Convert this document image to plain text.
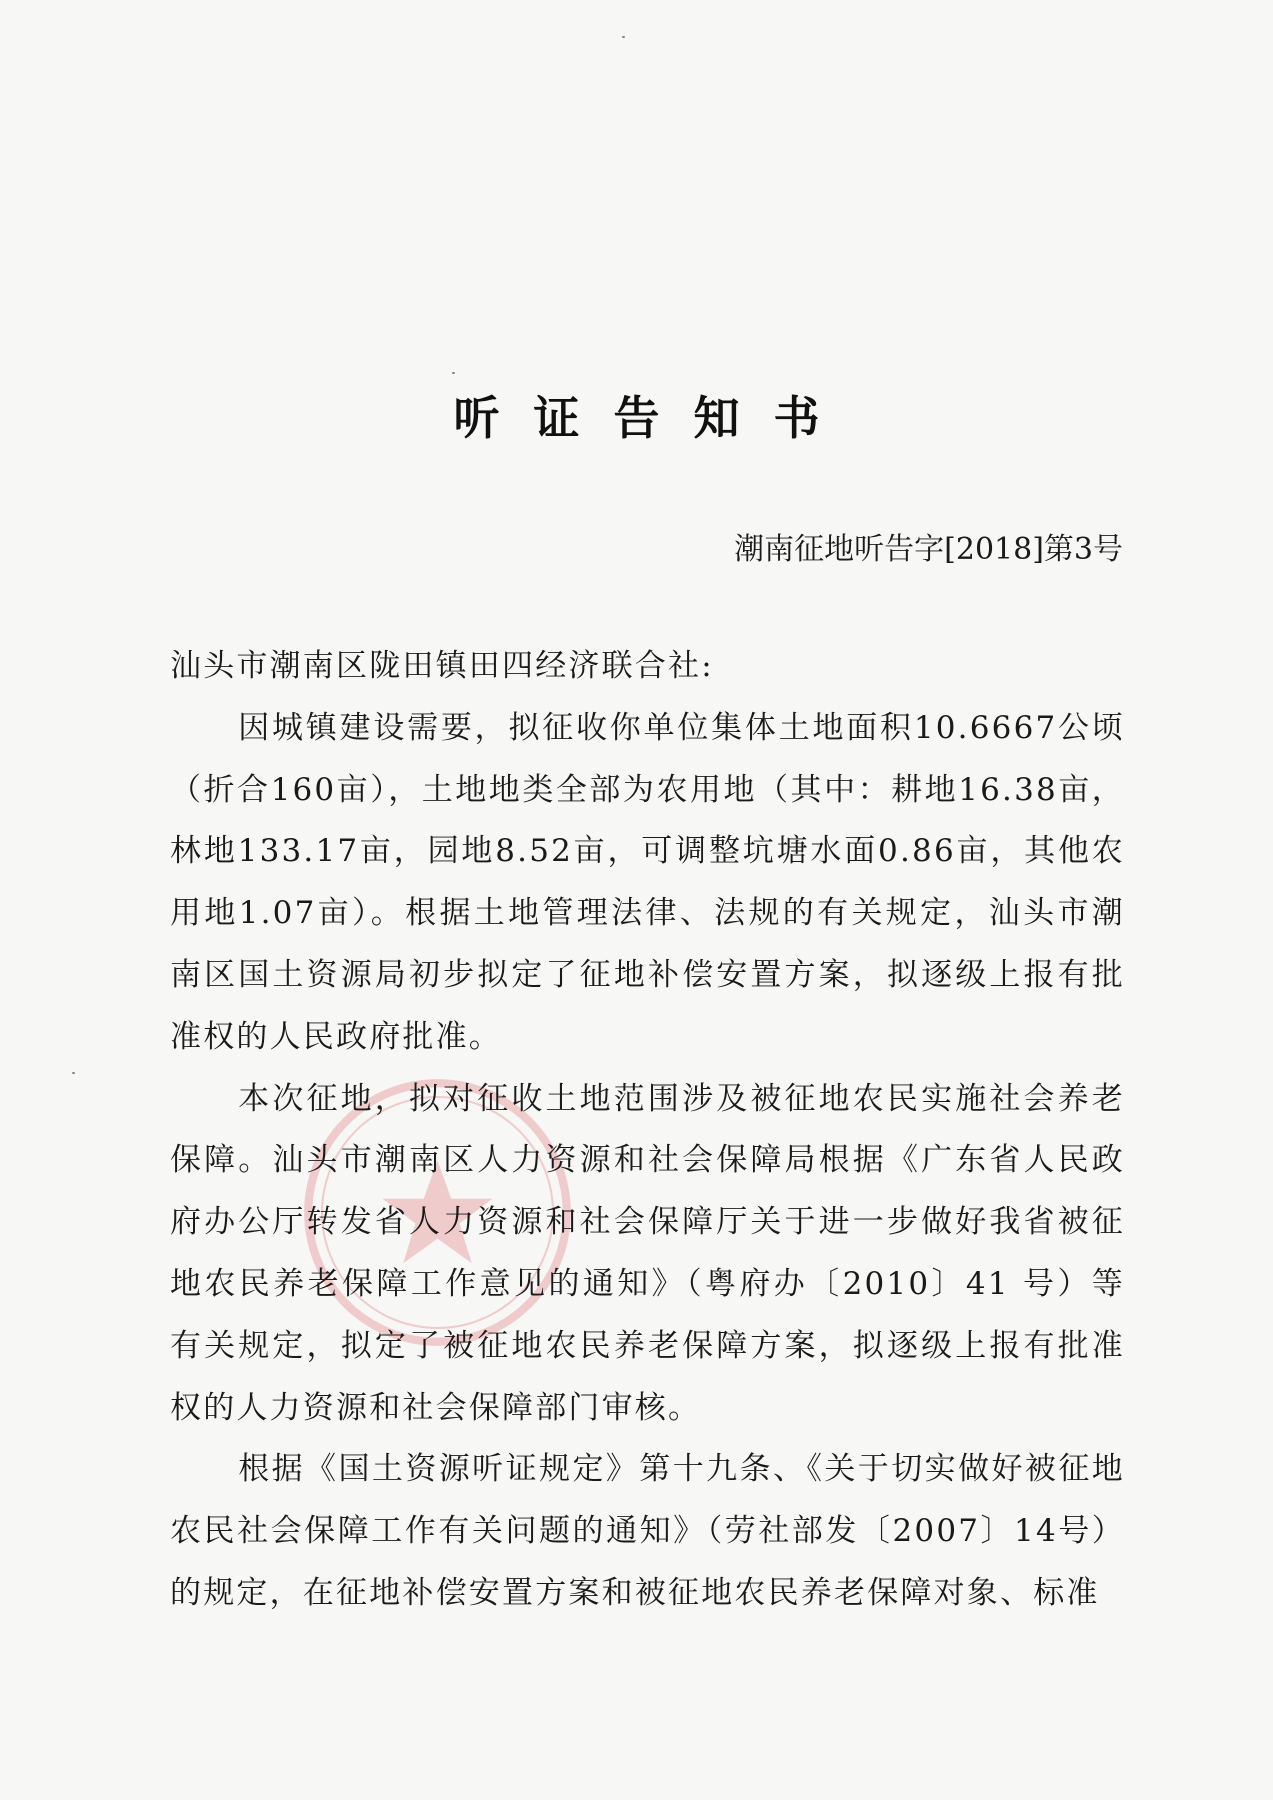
听证告知书
潮南征地听告字[2018]第3号

汕头市潮南区陇田镇田四经济联合社:

因城镇建设需要，拟征收你单位集体土地面积10.6667公顷（折合160亩），土地地类全部为农用地（其中：耕地16.38亩，林地133.17亩，园地8.52亩，可调整坑塘水面0.86亩，其他农用地1.07亩）。根据土地管理法律、法规的有关规定，汕头市潮南区国土资源局初步拟定了征地补偿安置方案，拟逐级上报有批准权的人民政府批准。

本次征地，拟对征收土地范围涉及被征地农民实施社会养老保障。汕头市潮南区人力资源和社会保障局根据《广东省人民政府办公厅转发省人力资源和社会保障厅关于进一步做好我省被征地农民养老保障工作意见的通知》（粤府办〔2010〕41 号）等有关规定，拟定了被征地农民养老保障方案，拟逐级上报有批准权的人力资源和社会保障部门审核。

根据《国土资源听证规定》第十九条、《关于切实做好被征地农民社会保障工作有关问题的通知》（劳社部发〔2007〕14号）的规定，在征地补偿安置方案和被征地农民养老保障对象、标准
